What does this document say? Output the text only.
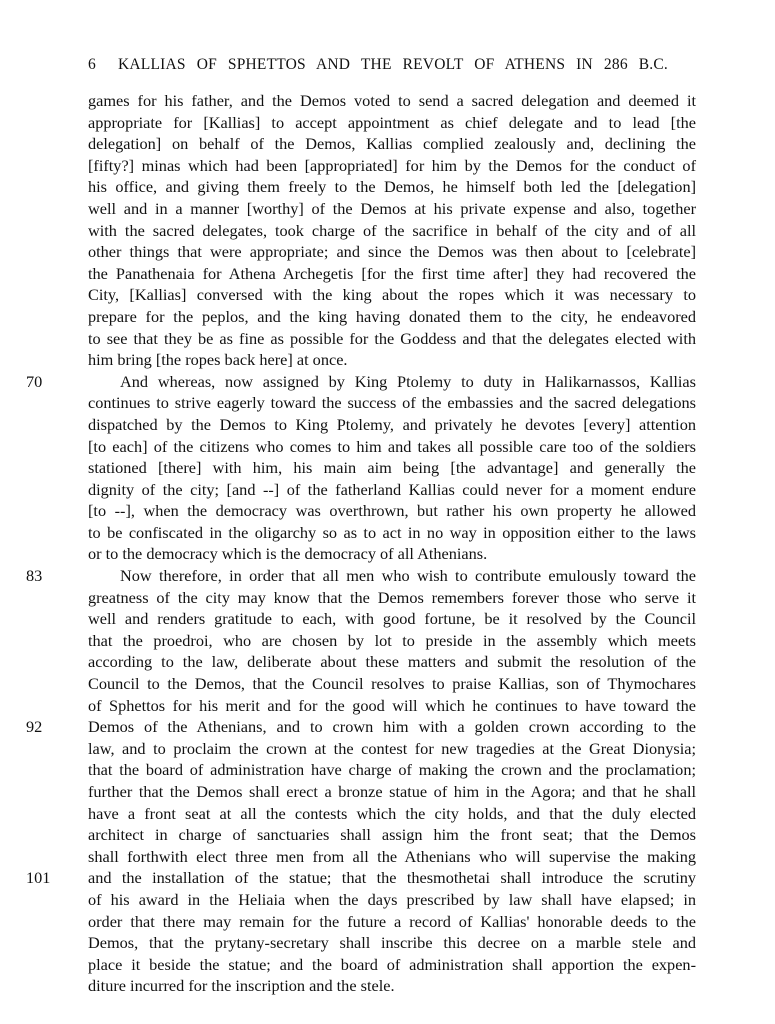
6 KALLIAS OF SPHETTOS AND THE REVOLT OF ATHENS IN 286 B.C.
games for his father, and the Demos voted to send a sacred delegation and deemed it
appropriate for [Kallias] to accept appointment as chief delegate and to lead [the
delegation] on behalf of the Demos, Kallias complied zealously and, declining the
[fifty?] minas which had been [appropriated] for him by the Demos for the conduct of
his office, and giving them freely to the Demos, he himself both led the [delegation]
well and in a manner [worthy] of the Demos at his private expense and also, together
with the sacred delegates, took charge of the sacrifice in behalf of the city and of all
other things that were appropriate; and since the Demos was then about to [celebrate]
the Panathenaia for Athena Archegetis [for the first time after] they had recovered the
City, [Kallias] conversed with the king about the ropes which it was necessary to
prepare for the peplos, and the king having donated them to the city, he endeavored
to see that they be as fine as possible for the Goddess and that the delegates elected with
him bring [the ropes back here] at once.
70	And whereas, now assigned by King Ptolemy to duty in Halikarnassos, Kallias
continues to strive eagerly toward the success of the embassies and the sacred delegations
dispatched by the Demos to King Ptolemy, and privately he devotes [every] attention
[to each] of the citizens who comes to him and takes all possible care too of the soldiers
stationed [there] with him, his main aim being [the advantage] and generally the
dignity of the city; [and --] of the fatherland Kallias could never for a moment endure
[to --], when the democracy was overthrown, but rather his own property he allowed
to be confiscated in the oligarchy so as to act in no way in opposition either to the laws
or to the democracy which is the democracy of all Athenians.
83	Now therefore, in order that all men who wish to contribute emulously toward the
greatness of the city may know that the Demos remembers forever those who serve it
well and renders gratitude to each, with good fortune, be it resolved by the Council
that the proedroi, who are chosen by lot to preside in the assembly which meets
according to the law, deliberate about these matters and submit the resolution of the
Council to the Demos, that the Council resolves to praise Kallias, son of Thymochares
of Sphettos for his merit and for the good will which he continues to have toward the
92	Demos of the Athenians, and to crown him with a golden crown according to the
law, and to proclaim the crown at the contest for new tragedies at the Great Dionysia;
that the board of administration have charge of making the crown and the proclamation;
further that the Demos shall erect a bronze statue of him in the Agora; and that he shall
have a front seat at all the contests which the city holds, and that the duly elected
architect in charge of sanctuaries shall assign him the front seat; that the Demos
shall forthwith elect three men from all the Athenians who will supervise the making
101	and the installation of the statue; that the thesmothetai shall introduce the scrutiny
of his award in the Heliaia when the days prescribed by law shall have elapsed; in
order that there may remain for the future a record of Kallias' honorable deeds to the
Demos, that the prytany-secretary shall inscribe this decree on a marble stele and
place it beside the statue; and the board of administration shall apportion the expen-
diture incurred for the inscription and the stele.
